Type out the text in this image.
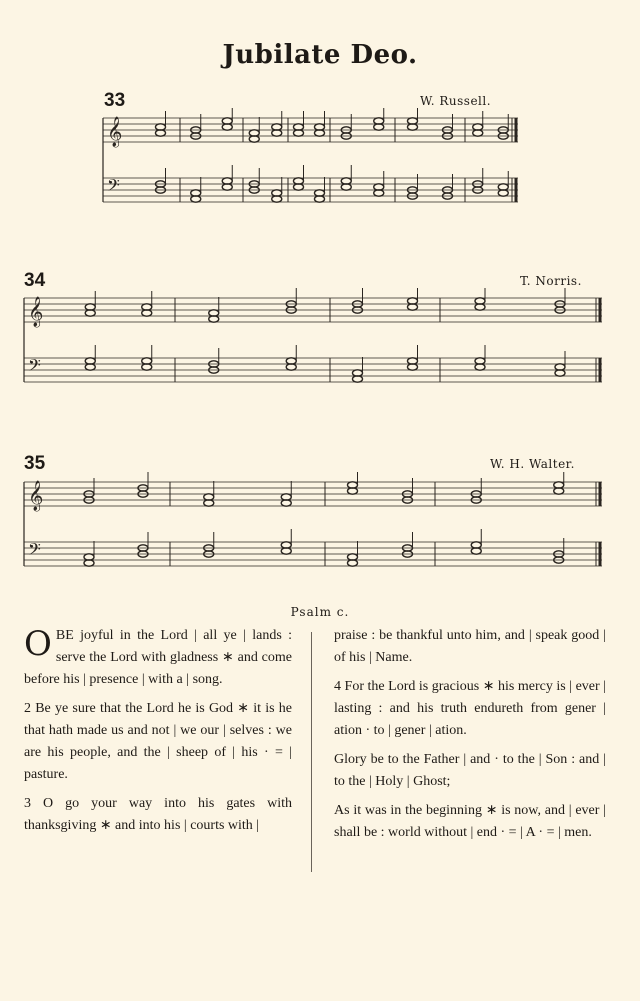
Jubilate Deo.
33	W. Russell.
34	T. Norris.
35	W. H. Walter.
𝄞
𝄢
𝄞
𝄢
𝄞
𝄢
Psalm c.

O BE joyful in the Lord | all ye | lands : serve the Lord with gladness ∗ and come before his | presence | with a | song.

2 Be ye sure that the Lord he is God ∗ it is he that hath made us and not | we our | selves : we are his people, and the | sheep of | his · = | pasture.

3 O go your way into his gates with thanksgiving ∗ and into his | courts with |

praise : be thankful unto him, and | speak good | of his | Name.

4 For the Lord is gracious ∗ his mercy is | ever | lasting : and his truth endureth from gener | ation · to | gener | ation.

Glory be to the Father | and · to the | Son : and | to the | Holy | Ghost;

As it was in the beginning ∗ is now, and | ever | shall be : world without | end · = | A · = | men.
